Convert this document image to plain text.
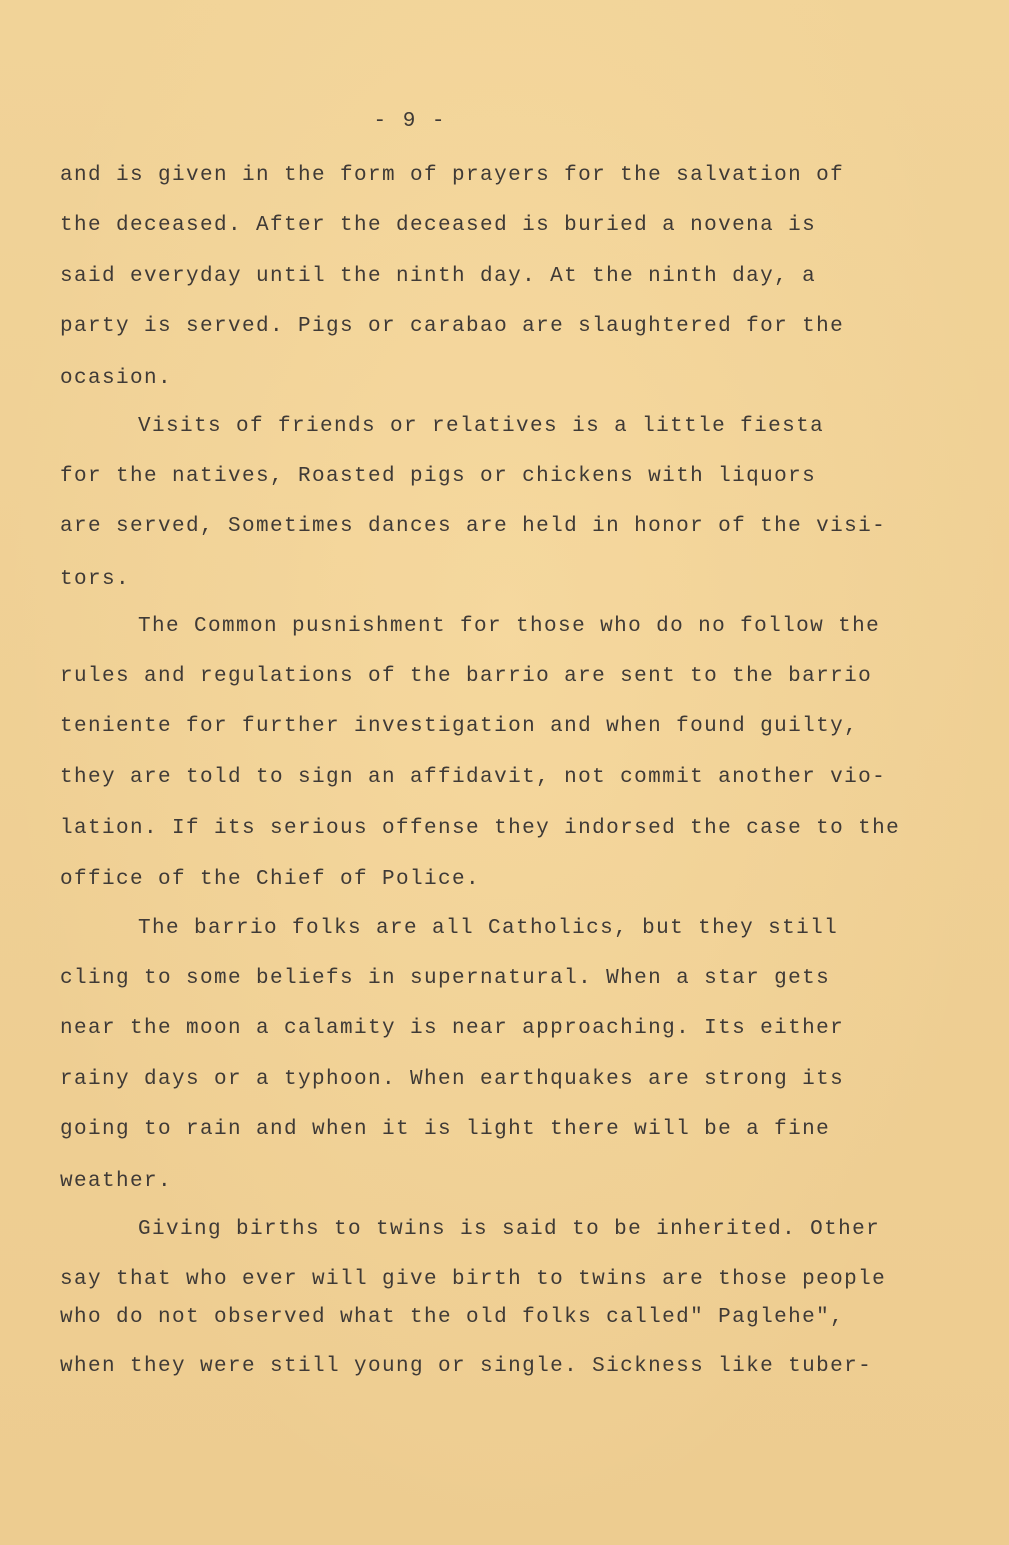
- 9 -
and is given in the form of prayers for the salvation of
the deceased. After the deceased is buried a novena is
said everyday until the ninth day. At the ninth day, a
party is served. Pigs or carabao are slaughtered for the
ocasion.
Visits of friends or relatives is a little fiesta
for the natives, Roasted pigs or chickens with liquors
are served, Sometimes dances are held in honor of the visi-
tors.
The Common pusnishment for those who do no follow the
rules and regulations of the barrio are sent to the barrio
teniente for further investigation and when found guilty,
they are told to sign an affidavit, not commit another vio-
lation. If its serious offense they indorsed the case to the
office of the Chief of Police.
The barrio folks are all Catholics, but they still
cling to some beliefs in supernatural. When a star gets
near the moon a calamity is near approaching. Its either
rainy days or a typhoon. When earthquakes are strong its
going to rain and when it is light there will be a fine
weather.
Giving births to twins is said to be inherited. Other
say that who ever will give birth to twins are those people
who do not observed what the old folks called" Paglehe",
when they were still young or single. Sickness like tuber-
